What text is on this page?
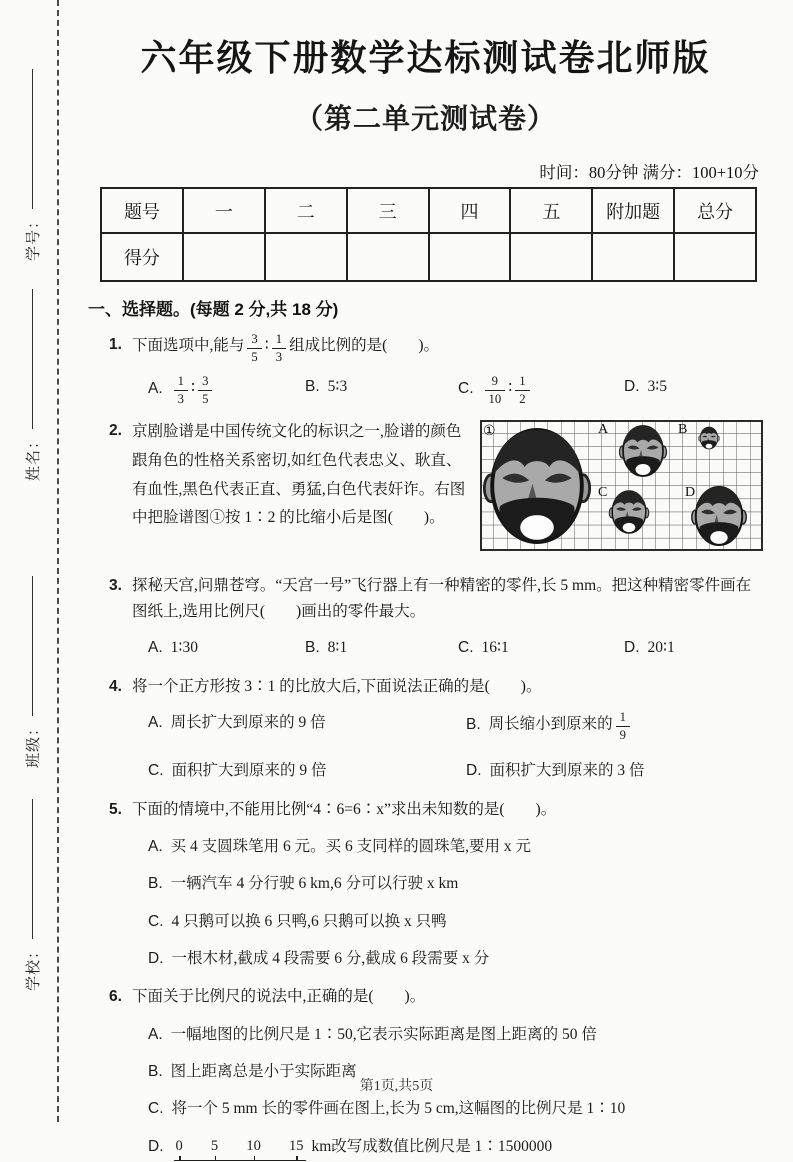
学号：
姓名：
班级：
学校：
六年级下册数学达标测试卷北师版
（第二单元测试卷）
时间：80分钟 满分：100+10分
题号	一	二	三	四	五	附加题	总分
得分							
一、选择题。(每题 2 分,共 18 分)
1. 下面选项中,能与 $\frac{3}{5}$ ∶ $\frac{1}{3}$ 组成比例的是(　　)。
A. $\frac{1}{3}$ ∶ $\frac{3}{5}$	B. 5∶3	C. $\frac{9}{10}$ ∶ $\frac{1}{2}$	D. 3∶5
2. 京剧脸谱是中国传统文化的标识之一,脸谱的颜色跟角色的性格关系密切,如红色代表忠义、耿直、有血性,黑色代表正直、勇猛,白色代表奸诈。右图中把脸谱图①按 1∶2 的比缩小后是图(　　)。
①	A	B
C	D
3. 探秘天宫,问鼎苍穹。“天宫一号”飞行器上有一种精密的零件,长 5 mm。把这种精密零件画在图纸上,选用比例尺(　　)画出的零件最大。
A. 1∶30	B. 8∶1	C. 16∶1	D. 20∶1
4. 将一个正方形按 3∶1 的比放大后,下面说法正确的是(　　)。
A. 周长扩大到原来的 9 倍	B. 周长缩小到原来的 $\frac{1}{9}$
C. 面积扩大到原来的 9 倍	D. 面积扩大到原来的 3 倍
5. 下面的情境中,不能用比例“4∶6=6∶x”求出未知数的是(　　)。
A. 买 4 支圆珠笔用 6 元。买 6 支同样的圆珠笔,要用 x 元
B. 一辆汽车 4 分行驶 6 km,6 分可以行驶 x km
C. 4 只鹅可以换 6 只鸭,6 只鹅可以换 x 只鸭
D. 一根木材,截成 4 段需要 6 分,截成 6 段需要 x 分
6. 下面关于比例尺的说法中,正确的是(　　)。
A. 一幅地图的比例尺是 1∶50,它表示实际距离是图上距离的 50 倍
B. 图上距离总是小于实际距离
C. 将一个 5 mm 长的零件画在图上,长为 5 cm,这幅图的比例尺是 1∶10
D. 0 5 10 15 km改写成数值比例尺是 1∶1500000
第1页,共5页
